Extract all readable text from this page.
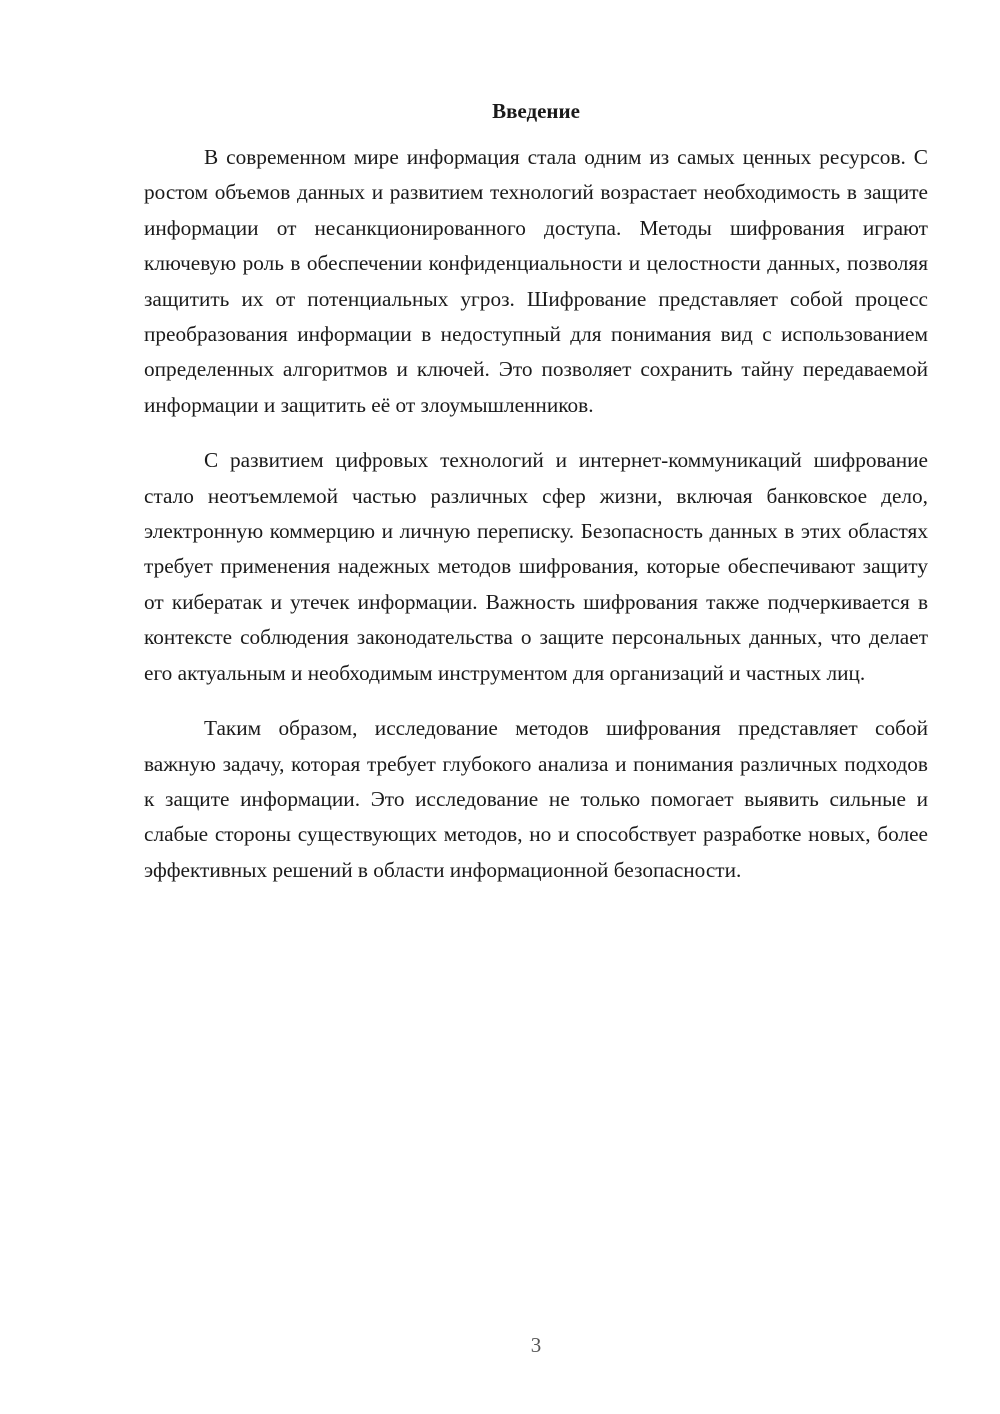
Введение

В современном мире информация стала одним из самых ценных ресурсов. С ростом объемов данных и развитием технологий возрастает необходимость в защите информации от несанкционированного доступа. Методы шифрования играют ключевую роль в обеспечении конфиденциальности и целостности данных, позволяя защитить их от потенциальных угроз. Шифрование представляет собой процесс преобразования информации в недоступный для понимания вид с использованием определенных алгоритмов и ключей. Это позволяет сохранить тайну передаваемой информации и защитить её от злоумышленников.

С развитием цифровых технологий и интернет-коммуникаций шифрование стало неотъемлемой частью различных сфер жизни, включая банковское дело, электронную коммерцию и личную переписку. Безопасность данных в этих областях требует применения надежных методов шифрования, которые обеспечивают защиту от кибератак и утечек информации. Важность шифрования также подчеркивается в контексте соблюдения законодательства о защите персональных данных, что делает его актуальным и необходимым инструментом для организаций и частных лиц.

Таким образом, исследование методов шифрования представляет собой важную задачу, которая требует глубокого анализа и понимания различных подходов к защите информации. Это исследование не только помогает выявить сильные и слабые стороны существующих методов, но и способствует разработке новых, более эффективных решений в области информационной безопасности.

3
